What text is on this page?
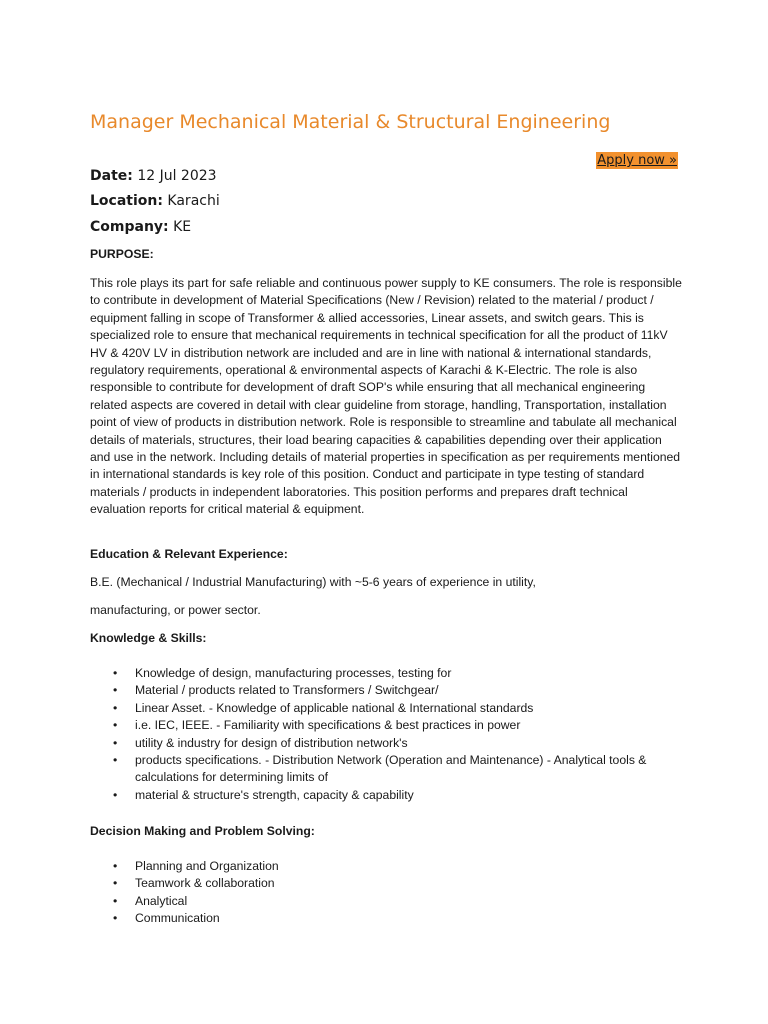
Manager Mechanical Material & Structural Engineering
Apply now »
Date: 12 Jul 2023
Location: Karachi
Company: KE
PURPOSE:

This role plays its part for safe reliable and continuous power supply to KE consumers. The role is responsible to contribute in development of Material Specifications (New / Revision) related to the material / product / equipment falling in scope of Transformer & allied accessories, Linear assets, and switch gears. This is specialized role to ensure that mechanical requirements in technical specification for all the product of 11kV HV & 420V LV in distribution network are included and are in line with national & international standards, regulatory requirements, operational & environmental aspects of Karachi & K-Electric. The role is also responsible to contribute for development of draft SOP's while ensuring that all mechanical engineering related aspects are covered in detail with clear guideline from storage, handling, Transportation, installation point of view of products in distribution network. Role is responsible to streamline and tabulate all mechanical details of materials, structures, their load bearing capacities & capabilities depending over their application and use in the network. Including details of material properties in specification as per requirements mentioned in international standards is key role of this position. Conduct and participate in type testing of standard materials / products in independent laboratories. This position performs and prepares draft technical evaluation reports for critical material & equipment.

Education & Relevant Experience:
B.E. (Mechanical / Industrial Manufacturing) with ~5-6 years of experience in utility,
manufacturing, or power sector.
Knowledge & Skills:
• Knowledge of design, manufacturing processes, testing for
• Material / products related to Transformers / Switchgear/
• Linear Asset. - Knowledge of applicable national & International standards
• i.e. IEC, IEEE. - Familiarity with specifications & best practices in power
• utility & industry for design of distribution network's
• products specifications. - Distribution Network (Operation and Maintenance) - Analytical tools & calculations for determining limits of
• material & structure's strength, capacity & capability
Decision Making and Problem Solving:
• Planning and Organization
• Teamwork & collaboration
• Analytical
• Communication
